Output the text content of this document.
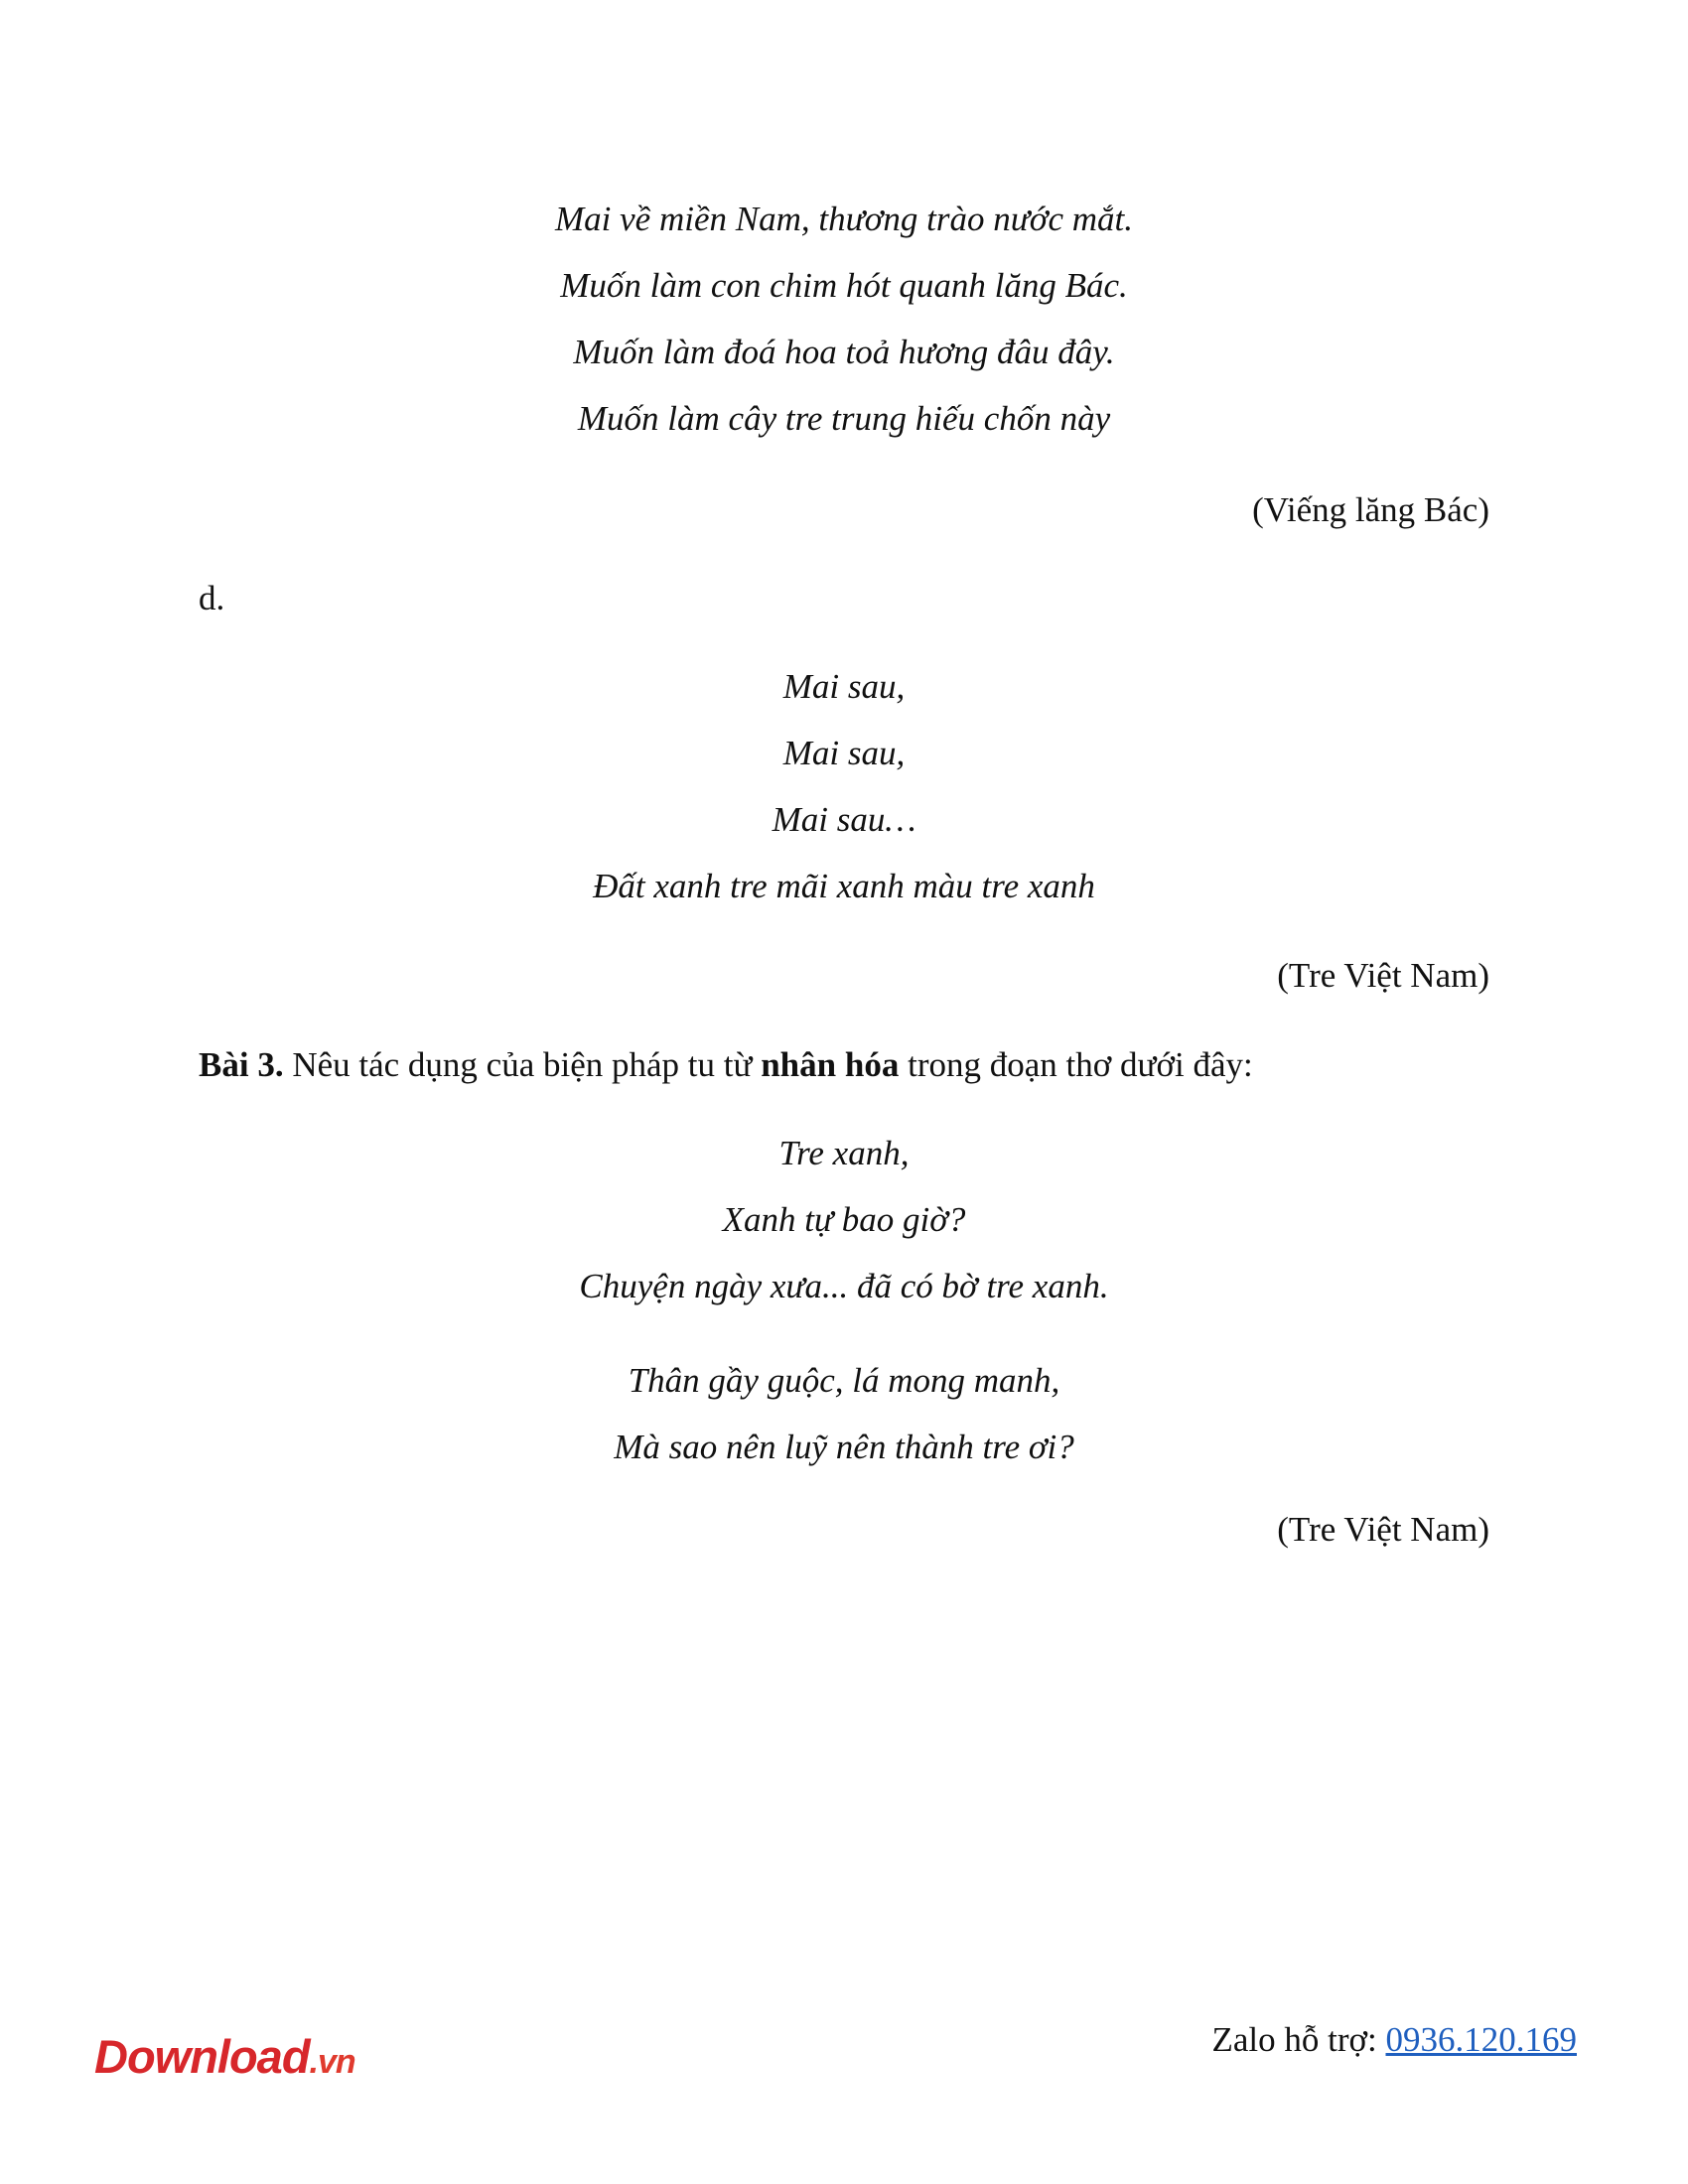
Mai về miền Nam, thương trào nước mắt.
Muốn làm con chim hót quanh lăng Bác.
Muốn làm đoá hoa toả hương đâu đây.
Muốn làm cây tre trung hiếu chốn này
(Viếng lăng Bác)
d.
Mai sau,
Mai sau,
Mai sau…
Đất xanh tre mãi xanh màu tre xanh
(Tre Việt Nam)
Bài 3. Nêu tác dụng của biện pháp tu từ nhân hóa trong đoạn thơ dưới đây:
Tre xanh,
Xanh tự bao giờ?
Chuyện ngày xưa... đã có bờ tre xanh.
Thân gầy guộc, lá mong manh,
Mà sao nên luỹ nên thành tre ơi?
(Tre Việt Nam)
Download.vn
Zalo hỗ trợ: 0936.120.169
